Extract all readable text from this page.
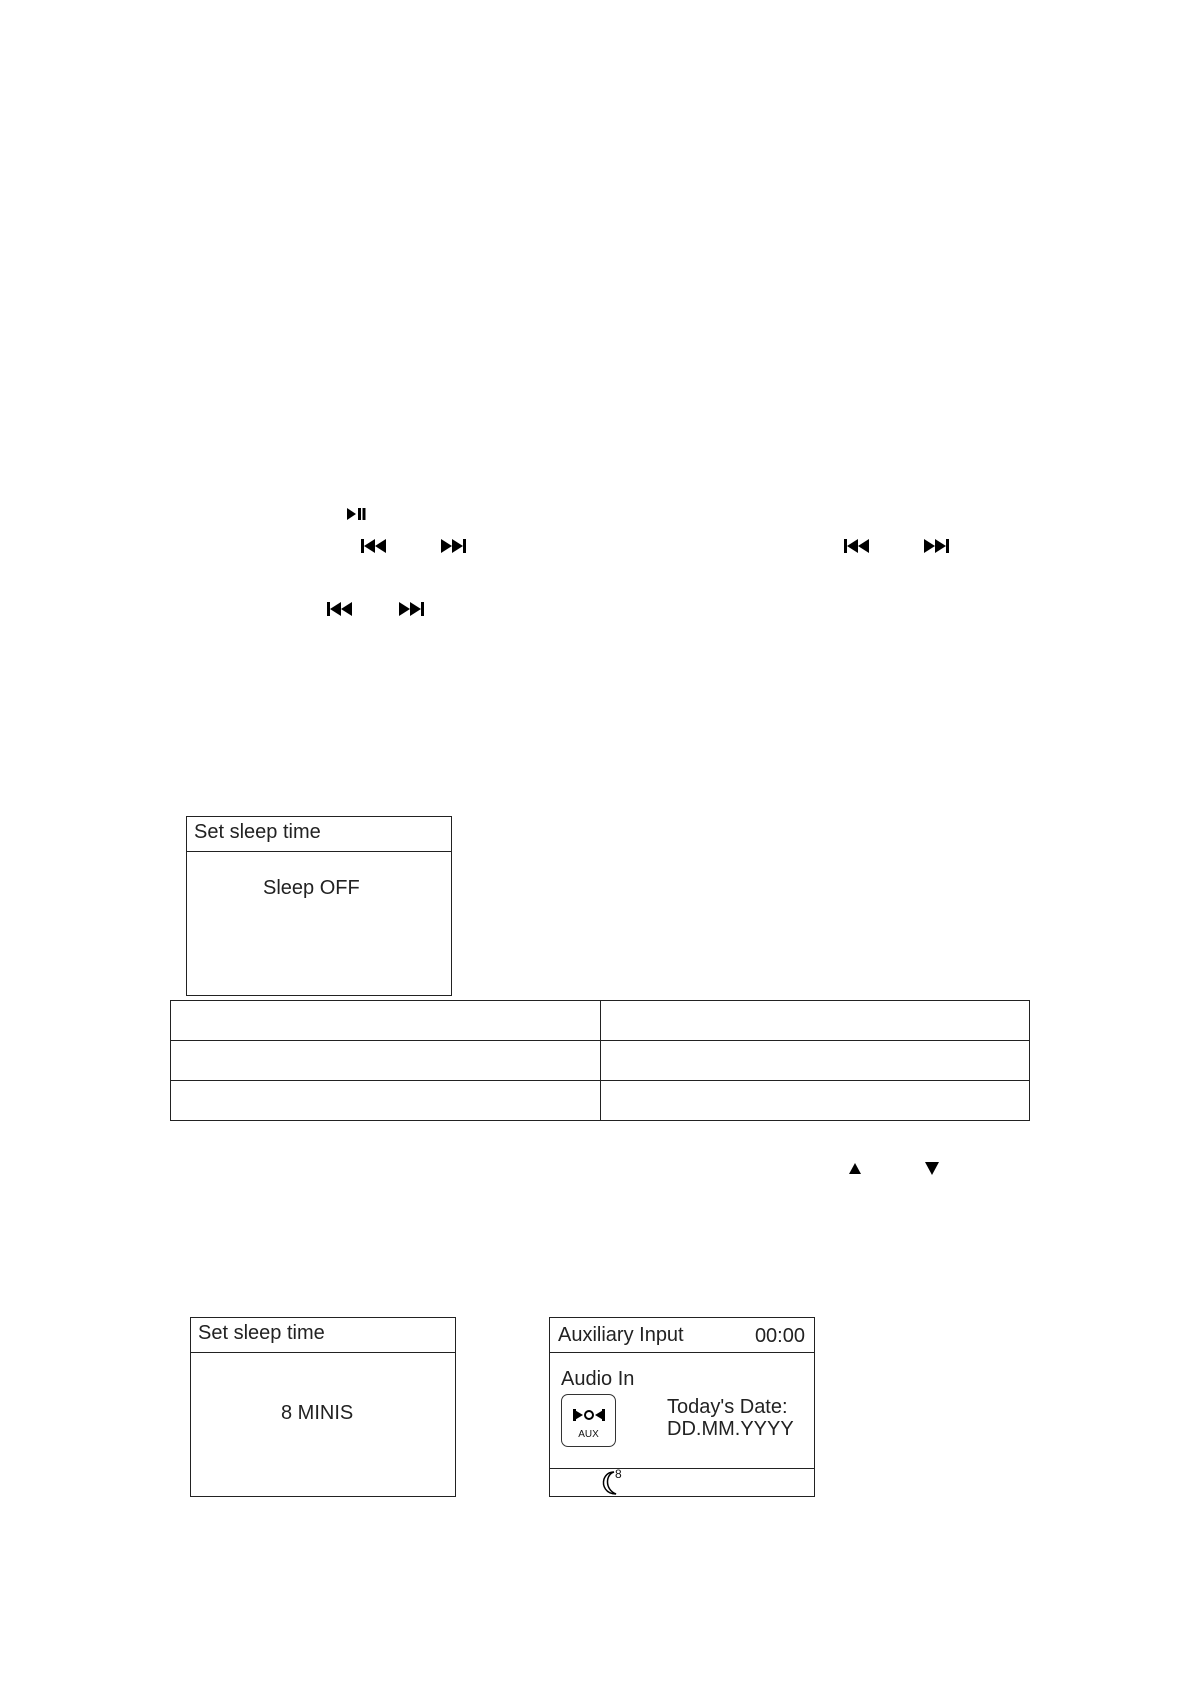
Set sleep time
Sleep OFF

Set sleep time
8 MINIS
Auxiliary Input	00:00
Audio In
AUX
Today's Date:
DD.MM.YYYY
8
